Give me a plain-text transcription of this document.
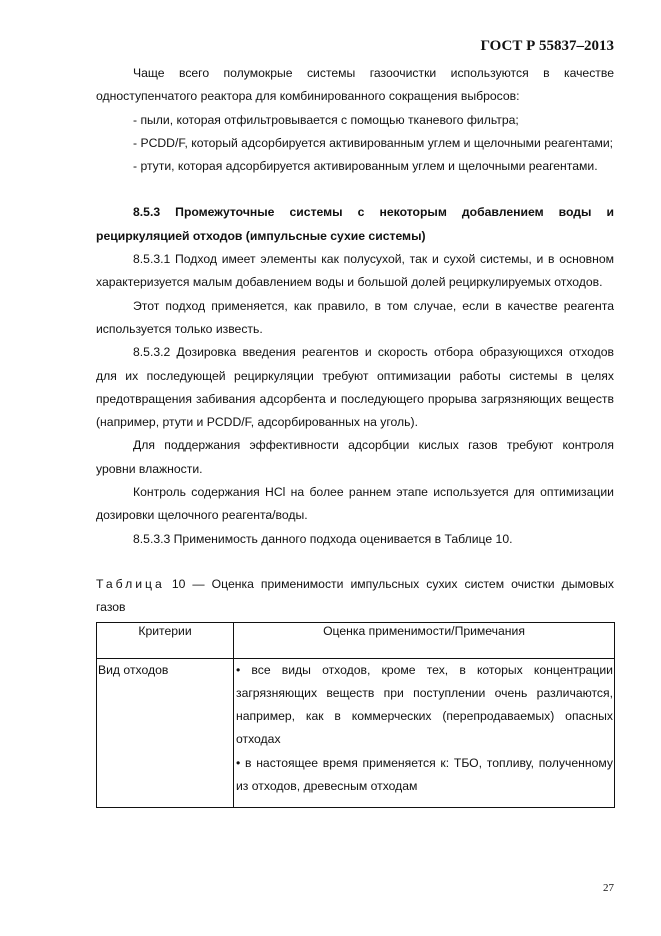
ГОСТ Р 55837–2013

Чаще всего полумокрые системы газоочистки используются в качестве одноступенчатого реактора для комбинированного сокращения выбросов:

- пыли, которая отфильтровывается с помощью тканевого фильтра;

- PCDD/F, который адсорбируется активированным углем и щелочными реагентами;

- ртути, которая адсорбируется активированным углем и щелочными реагентами.

8.5.3 Промежуточные системы с некоторым добавлением воды и рециркуляцией отходов (импульсные сухие системы)

8.5.3.1 Подход имеет элементы как полусухой, так и сухой системы, и в основном характеризуется малым добавлением воды и большой долей рециркулируемых отходов.

Этот подход применяется, как правило, в том случае, если в качестве реагента используется только известь.

8.5.3.2 Дозировка введения реагентов и скорость отбора образующихся отходов для их последующей рециркуляции требуют оптимизации работы системы в целях предотвращения забивания адсорбента и последующего прорыва загрязняющих веществ (например, ртути и PCDD/F, адсорбированных на уголь).

Для поддержания эффективности адсорбции кислых газов требуют контроля уровни влажности.

Контроль содержания HCl на более раннем этапе используется для оптимизации дозировки щелочного реагента/воды.

8.5.3.3 Применимость данного подхода оценивается в Таблице 10.

Таблица 10 — Оценка применимости импульсных сухих систем очистки дымовых газов

Критерии	Оценка применимости/Примечания
Вид отходов	• все виды отходов, кроме тех, в которых концентрации загрязняющих веществ при поступлении очень различаются, например, как в коммерческих (перепродаваемых) опасных отходах
• в настоящее время применяется к: ТБО, топливу, полученному из отходов, древесным отходам
27
